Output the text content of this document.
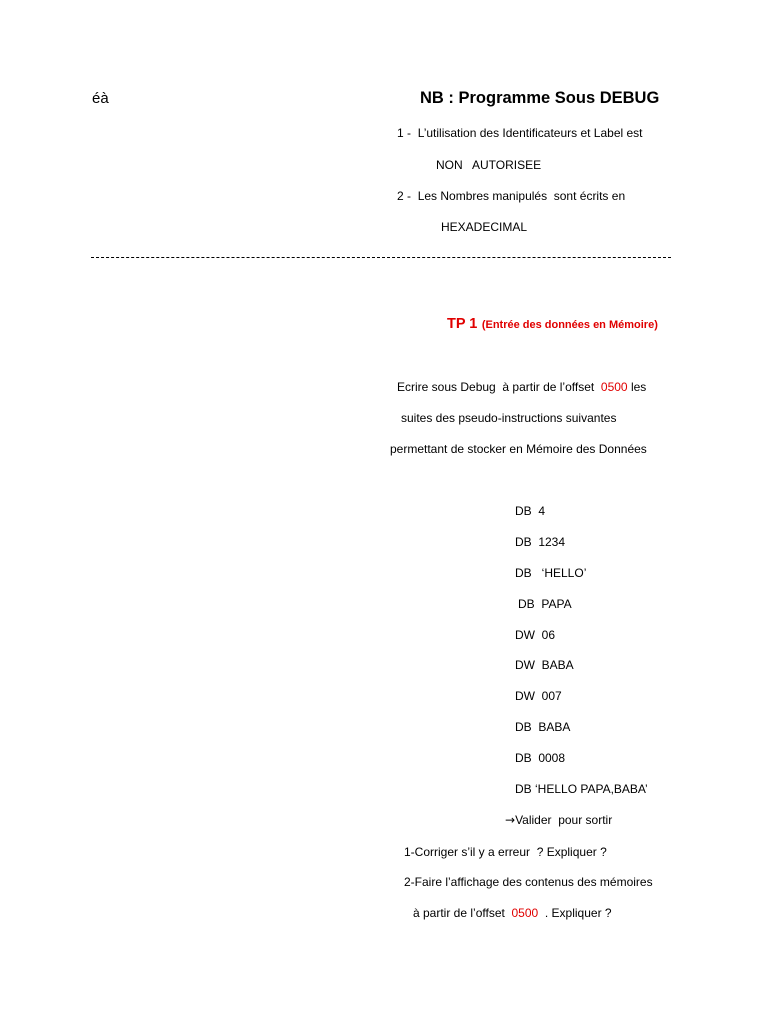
éà	NB : Programme Sous DEBUG
1 - L’utilisation des Identificateurs et Label est
NON   AUTORISEE
2 - Les Nombres manipulés  sont écrits en
HEXADECIMAL
TP 1 (Entrée des données en Mémoire)
Ecrire sous Debug  à partir de l’offset 0500 les
suites des pseudo-instructions suivantes
permettant de stocker en Mémoire des Données
DB  4
DB  1234
DB   ‘HELLO’
DB  PAPA
DW  06
DW  BABA
DW  007
DB  BABA
DB  0008
DB ‘HELLO PAPA,BABA’
→Valider  pour sortir
1-Corriger s’il y a erreur  ? Expliquer ?
2-Faire l’affichage des contenus des mémoires
à partir de l’offset 0500 . Expliquer ?
